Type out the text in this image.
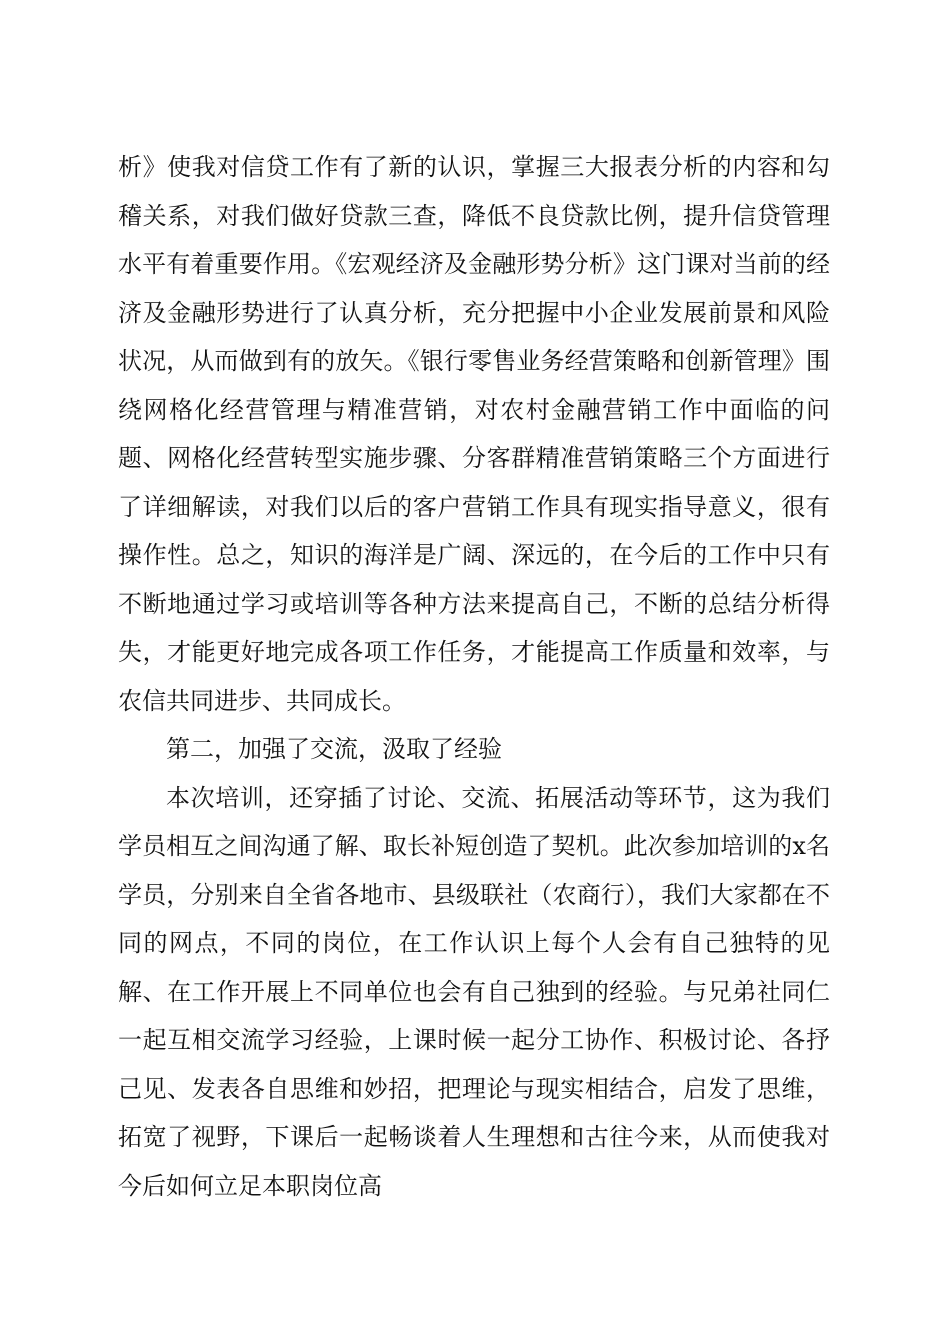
析》使我对信贷工作有了新的认识，掌握三大报表分析的内容和勾稽关系，对我们做好贷款三查，降低不良贷款比例，提升信贷管理水平有着重要作用。《宏观经济及金融形势分析》这门课对当前的经济及金融形势进行了认真分析，充分把握中小企业发展前景和风险状况，从而做到有的放矢。《银行零售业务经营策略和创新管理》围绕网格化经营管理与精准营销，对农村金融营销工作中面临的问题、网格化经营转型实施步骤、分客群精准营销策略三个方面进行了详细解读，对我们以后的客户营销工作具有现实指导意义，很有操作性。总之，知识的海洋是广阔、深远的，在今后的工作中只有不断地通过学习或培训等各种方法来提高自己，不断的总结分析得失，才能更好地完成各项工作任务，才能提高工作质量和效率，与农信共同进步、共同成长。

第二，加强了交流，汲取了经验

本次培训，还穿插了讨论、交流、拓展活动等环节，这为我们学员相互之间沟通了解、取长补短创造了契机。此次参加培训的x名学员，分别来自全省各地市、县级联社（农商行），我们大家都在不同的网点，不同的岗位，在工作认识上每个人会有自己独特的见解、在工作开展上不同单位也会有自己独到的经验。与兄弟社同仁一起互相交流学习经验，上课时候一起分工协作、积极讨论、各抒己见、发表各自思维和妙招，把理论与现实相结合，启发了思维，拓宽了视野，下课后一起畅谈着人生理想和古往今来，从而使我对今后如何立足本职岗位高
